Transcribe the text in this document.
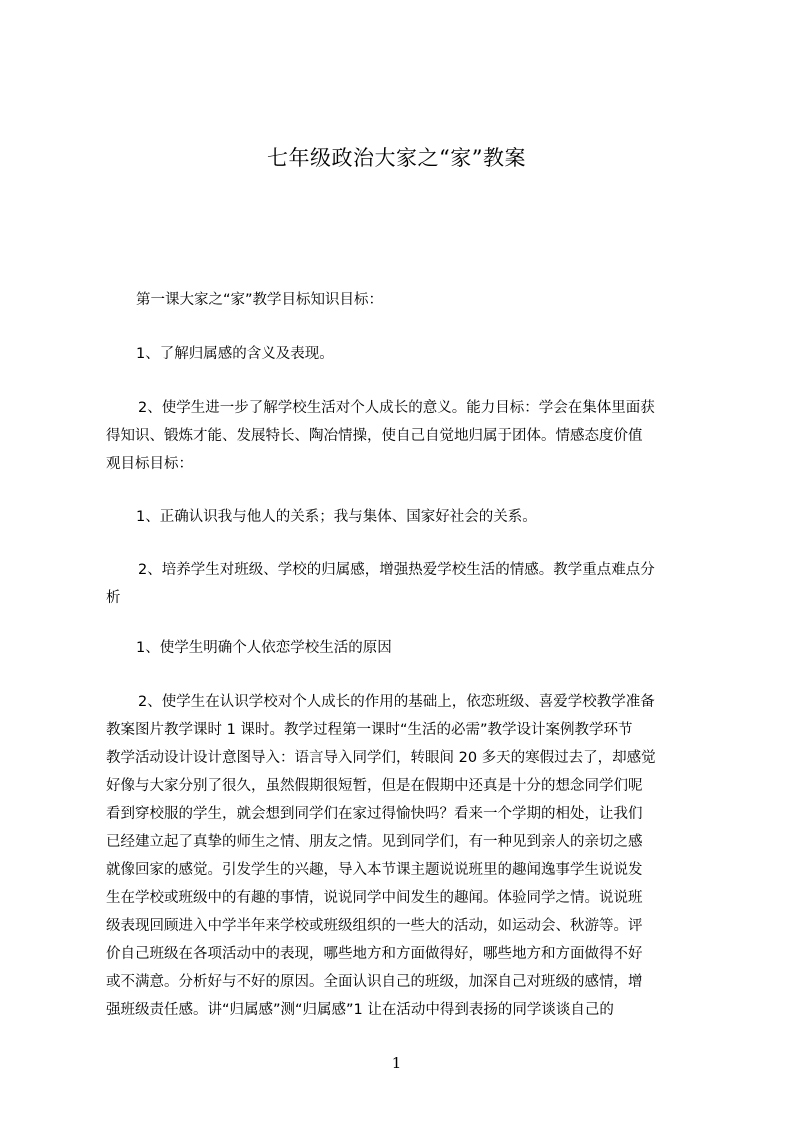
七年级政治大家之“家”教案
第一课大家之“家”教学目标知识目标：
1、了解归属感的含义及表现。
2、使学生进一步了解学校生活对个人成长的意义。能力目标：学会在集体里面获
得知识、锻炼才能、发展特长、陶冶情操，使自己自觉地归属于团体。情感态度价值
观目标目标：
1、正确认识我与他人的关系；我与集体、国家好社会的关系。
2、培养学生对班级、学校的归属感，增强热爱学校生活的情感。教学重点难点分
析
1、使学生明确个人依恋学校生活的原因
2、使学生在认识学校对个人成长的作用的基础上，依恋班级、喜爱学校教学准备
教案图片教学课时 1 课时。教学过程第一课时“生活的必需”教学设计案例教学环节
教学活动设计设计意图导入：语言导入同学们，转眼间 20 多天的寒假过去了，却感觉
好像与大家分别了很久，虽然假期很短暂，但是在假期中还真是十分的想念同学们呢
看到穿校服的学生，就会想到同学们在家过得愉快吗？看来一个学期的相处，让我们
已经建立起了真挚的师生之情、朋友之情。见到同学们，有一种见到亲人的亲切之感
就像回家的感觉。引发学生的兴趣，导入本节课主题说说班里的趣闻逸事学生说说发
生在学校或班级中的有趣的事情，说说同学中间发生的趣闻。体验同学之情。说说班
级表现回顾进入中学半年来学校或班级组织的一些大的活动，如运动会、秋游等。评
价自己班级在各项活动中的表现，哪些地方和方面做得好，哪些地方和方面做得不好
或不满意。分析好与不好的原因。全面认识自己的班级，加深自己对班级的感情，增
强班级责任感。讲“归属感”测“归属感”1 让在活动中得到表扬的同学谈谈自己的
1
